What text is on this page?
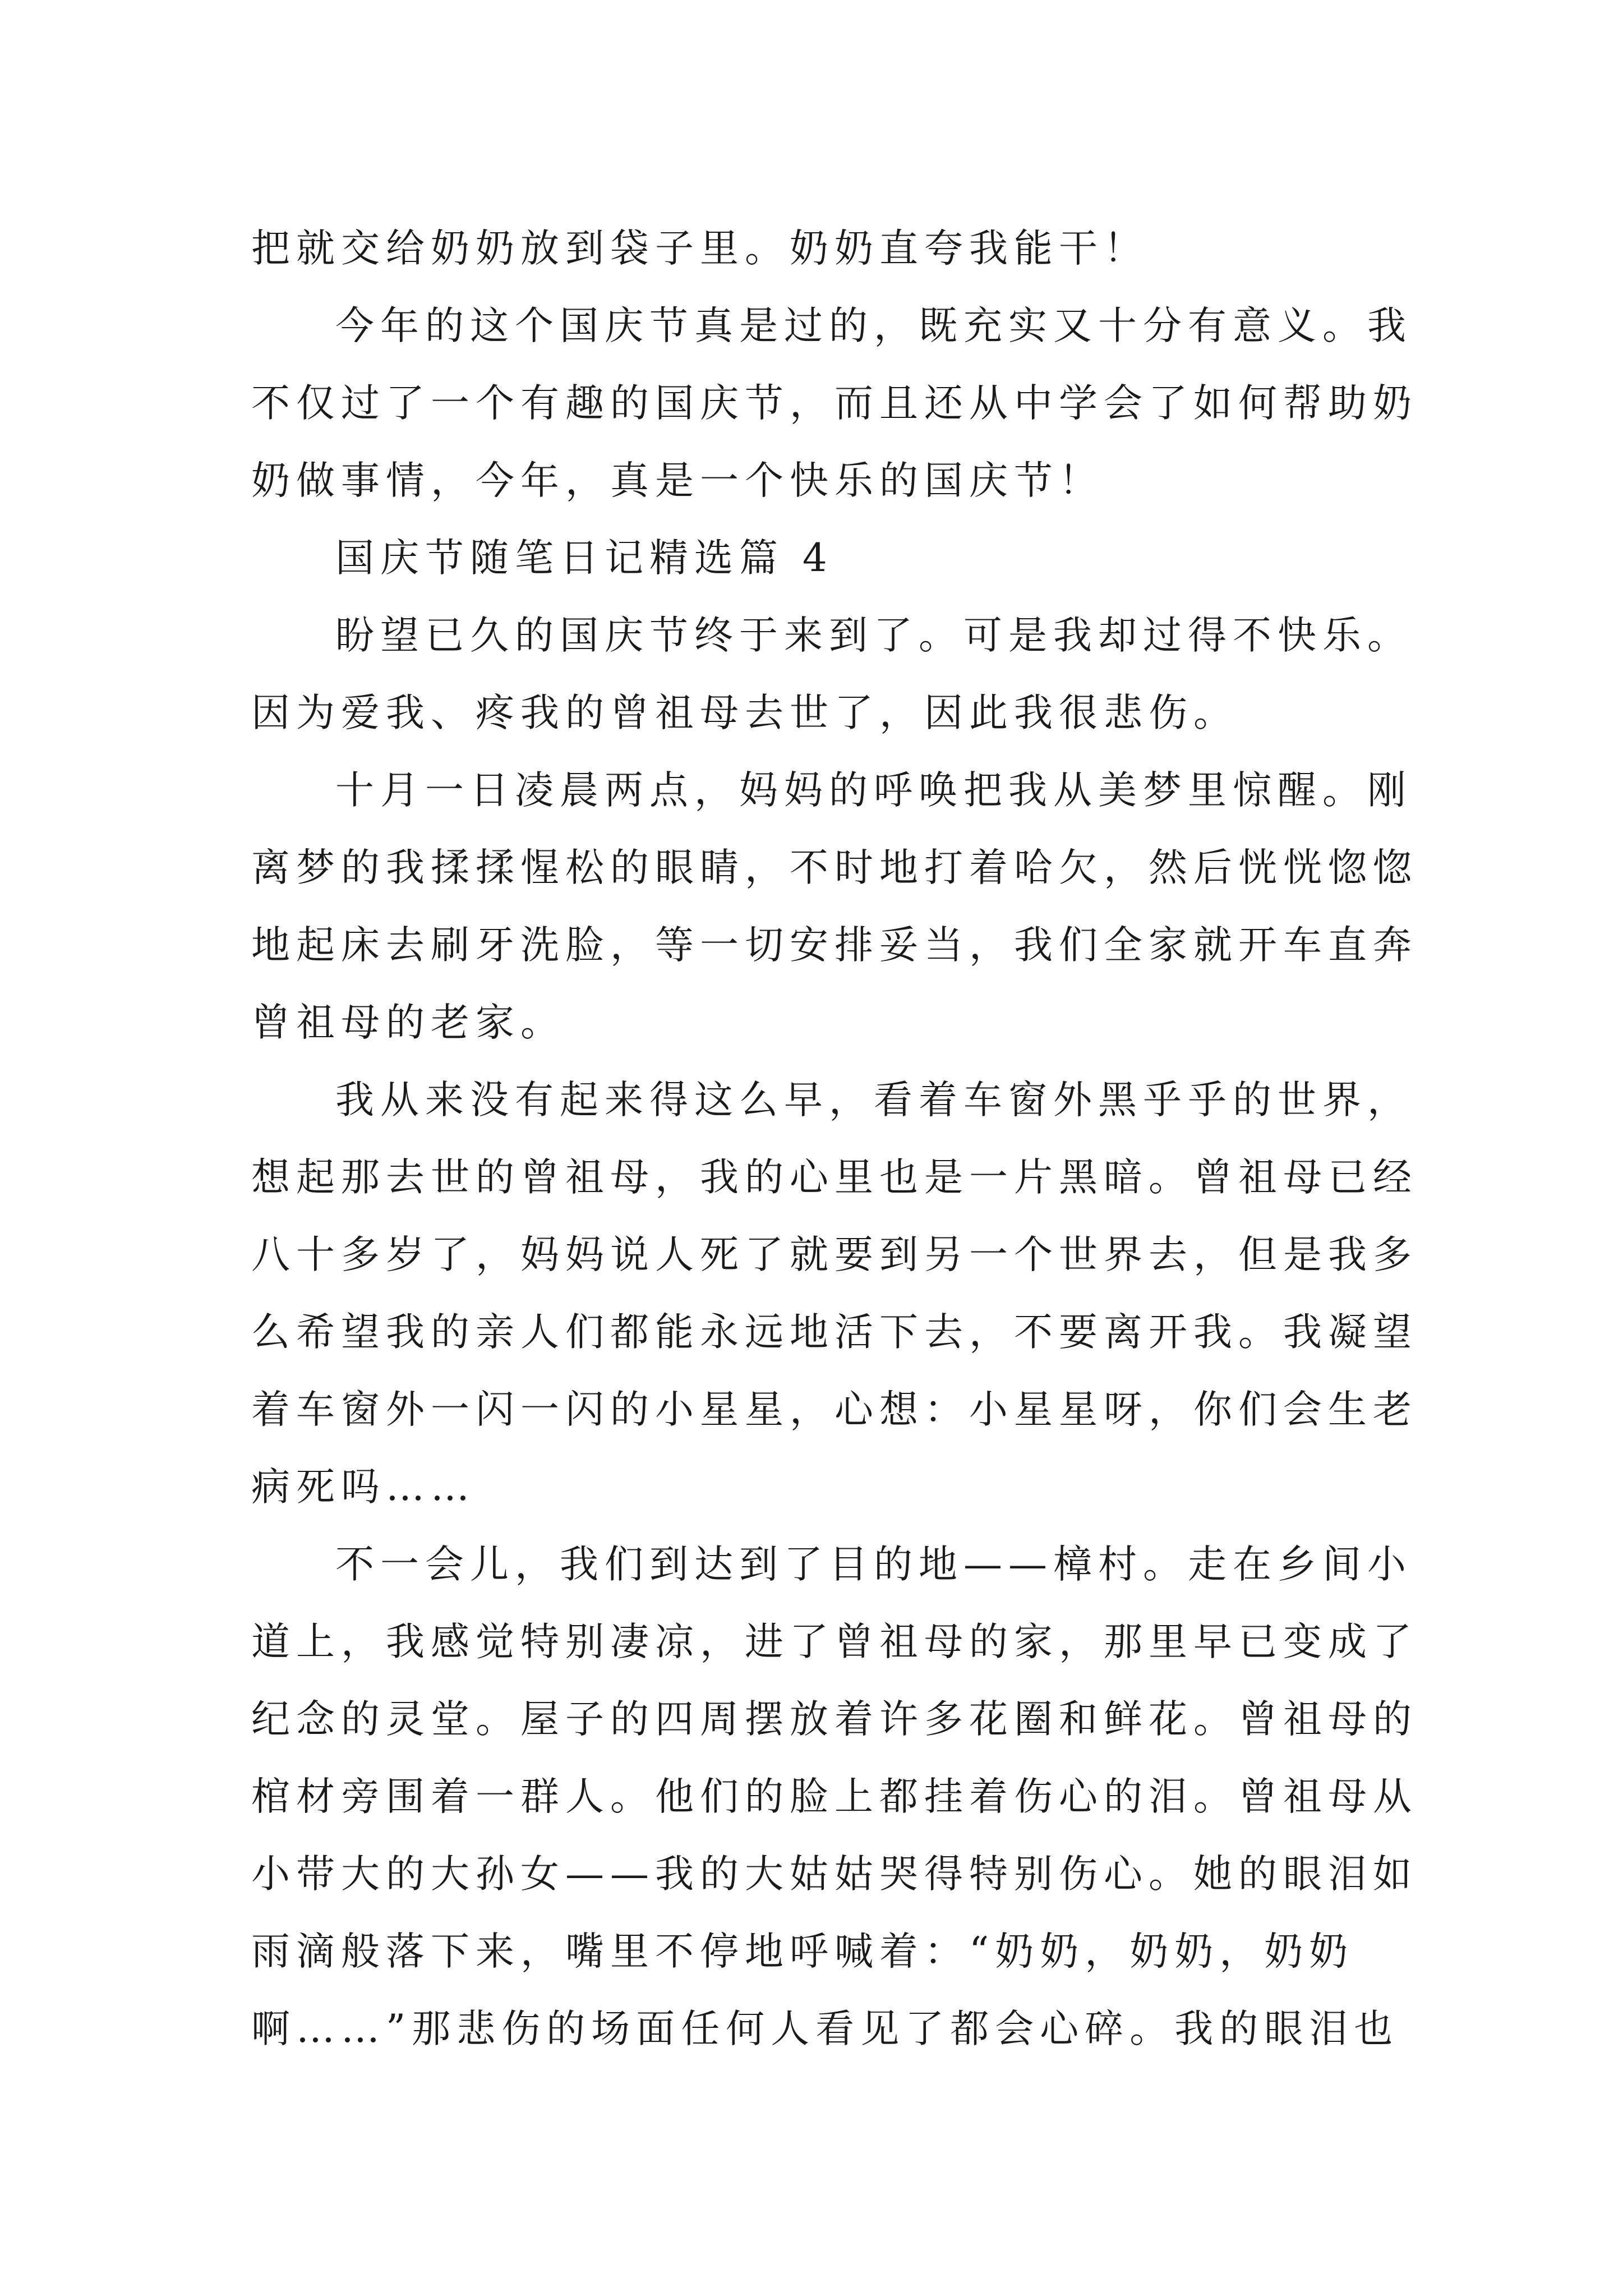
把就交给奶奶放到袋子里。奶奶直夸我能干！
今年的这个国庆节真是过的，既充实又十分有意义。我
不仅过了一个有趣的国庆节，而且还从中学会了如何帮助奶
奶做事情，今年，真是一个快乐的国庆节！
国庆节随笔日记精选篇 4
盼望已久的国庆节终于来到了。可是我却过得不快乐。
因为爱我、疼我的曾祖母去世了，因此我很悲伤。
十月一日凌晨两点，妈妈的呼唤把我从美梦里惊醒。刚
离梦的我揉揉惺松的眼睛，不时地打着哈欠，然后恍恍惚惚
地起床去刷牙洗脸，等一切安排妥当，我们全家就开车直奔
曾祖母的老家。
我从来没有起来得这么早，看着车窗外黑乎乎的世界，
想起那去世的曾祖母，我的心里也是一片黑暗。曾祖母已经
八十多岁了，妈妈说人死了就要到另一个世界去，但是我多
么希望我的亲人们都能永远地活下去，不要离开我。我凝望
着车窗外一闪一闪的小星星，心想：小星星呀，你们会生老
病死吗……
不一会儿，我们到达到了目的地——樟村。走在乡间小
道上，我感觉特别凄凉，进了曾祖母的家，那里早已变成了
纪念的灵堂。屋子的四周摆放着许多花圈和鲜花。曾祖母的
棺材旁围着一群人。他们的脸上都挂着伤心的泪。曾祖母从
小带大的大孙女——我的大姑姑哭得特别伤心。她的眼泪如
雨滴般落下来，嘴里不停地呼喊着：“奶奶，奶奶，奶奶
啊……”那悲伤的场面任何人看见了都会心碎。我的眼泪也
